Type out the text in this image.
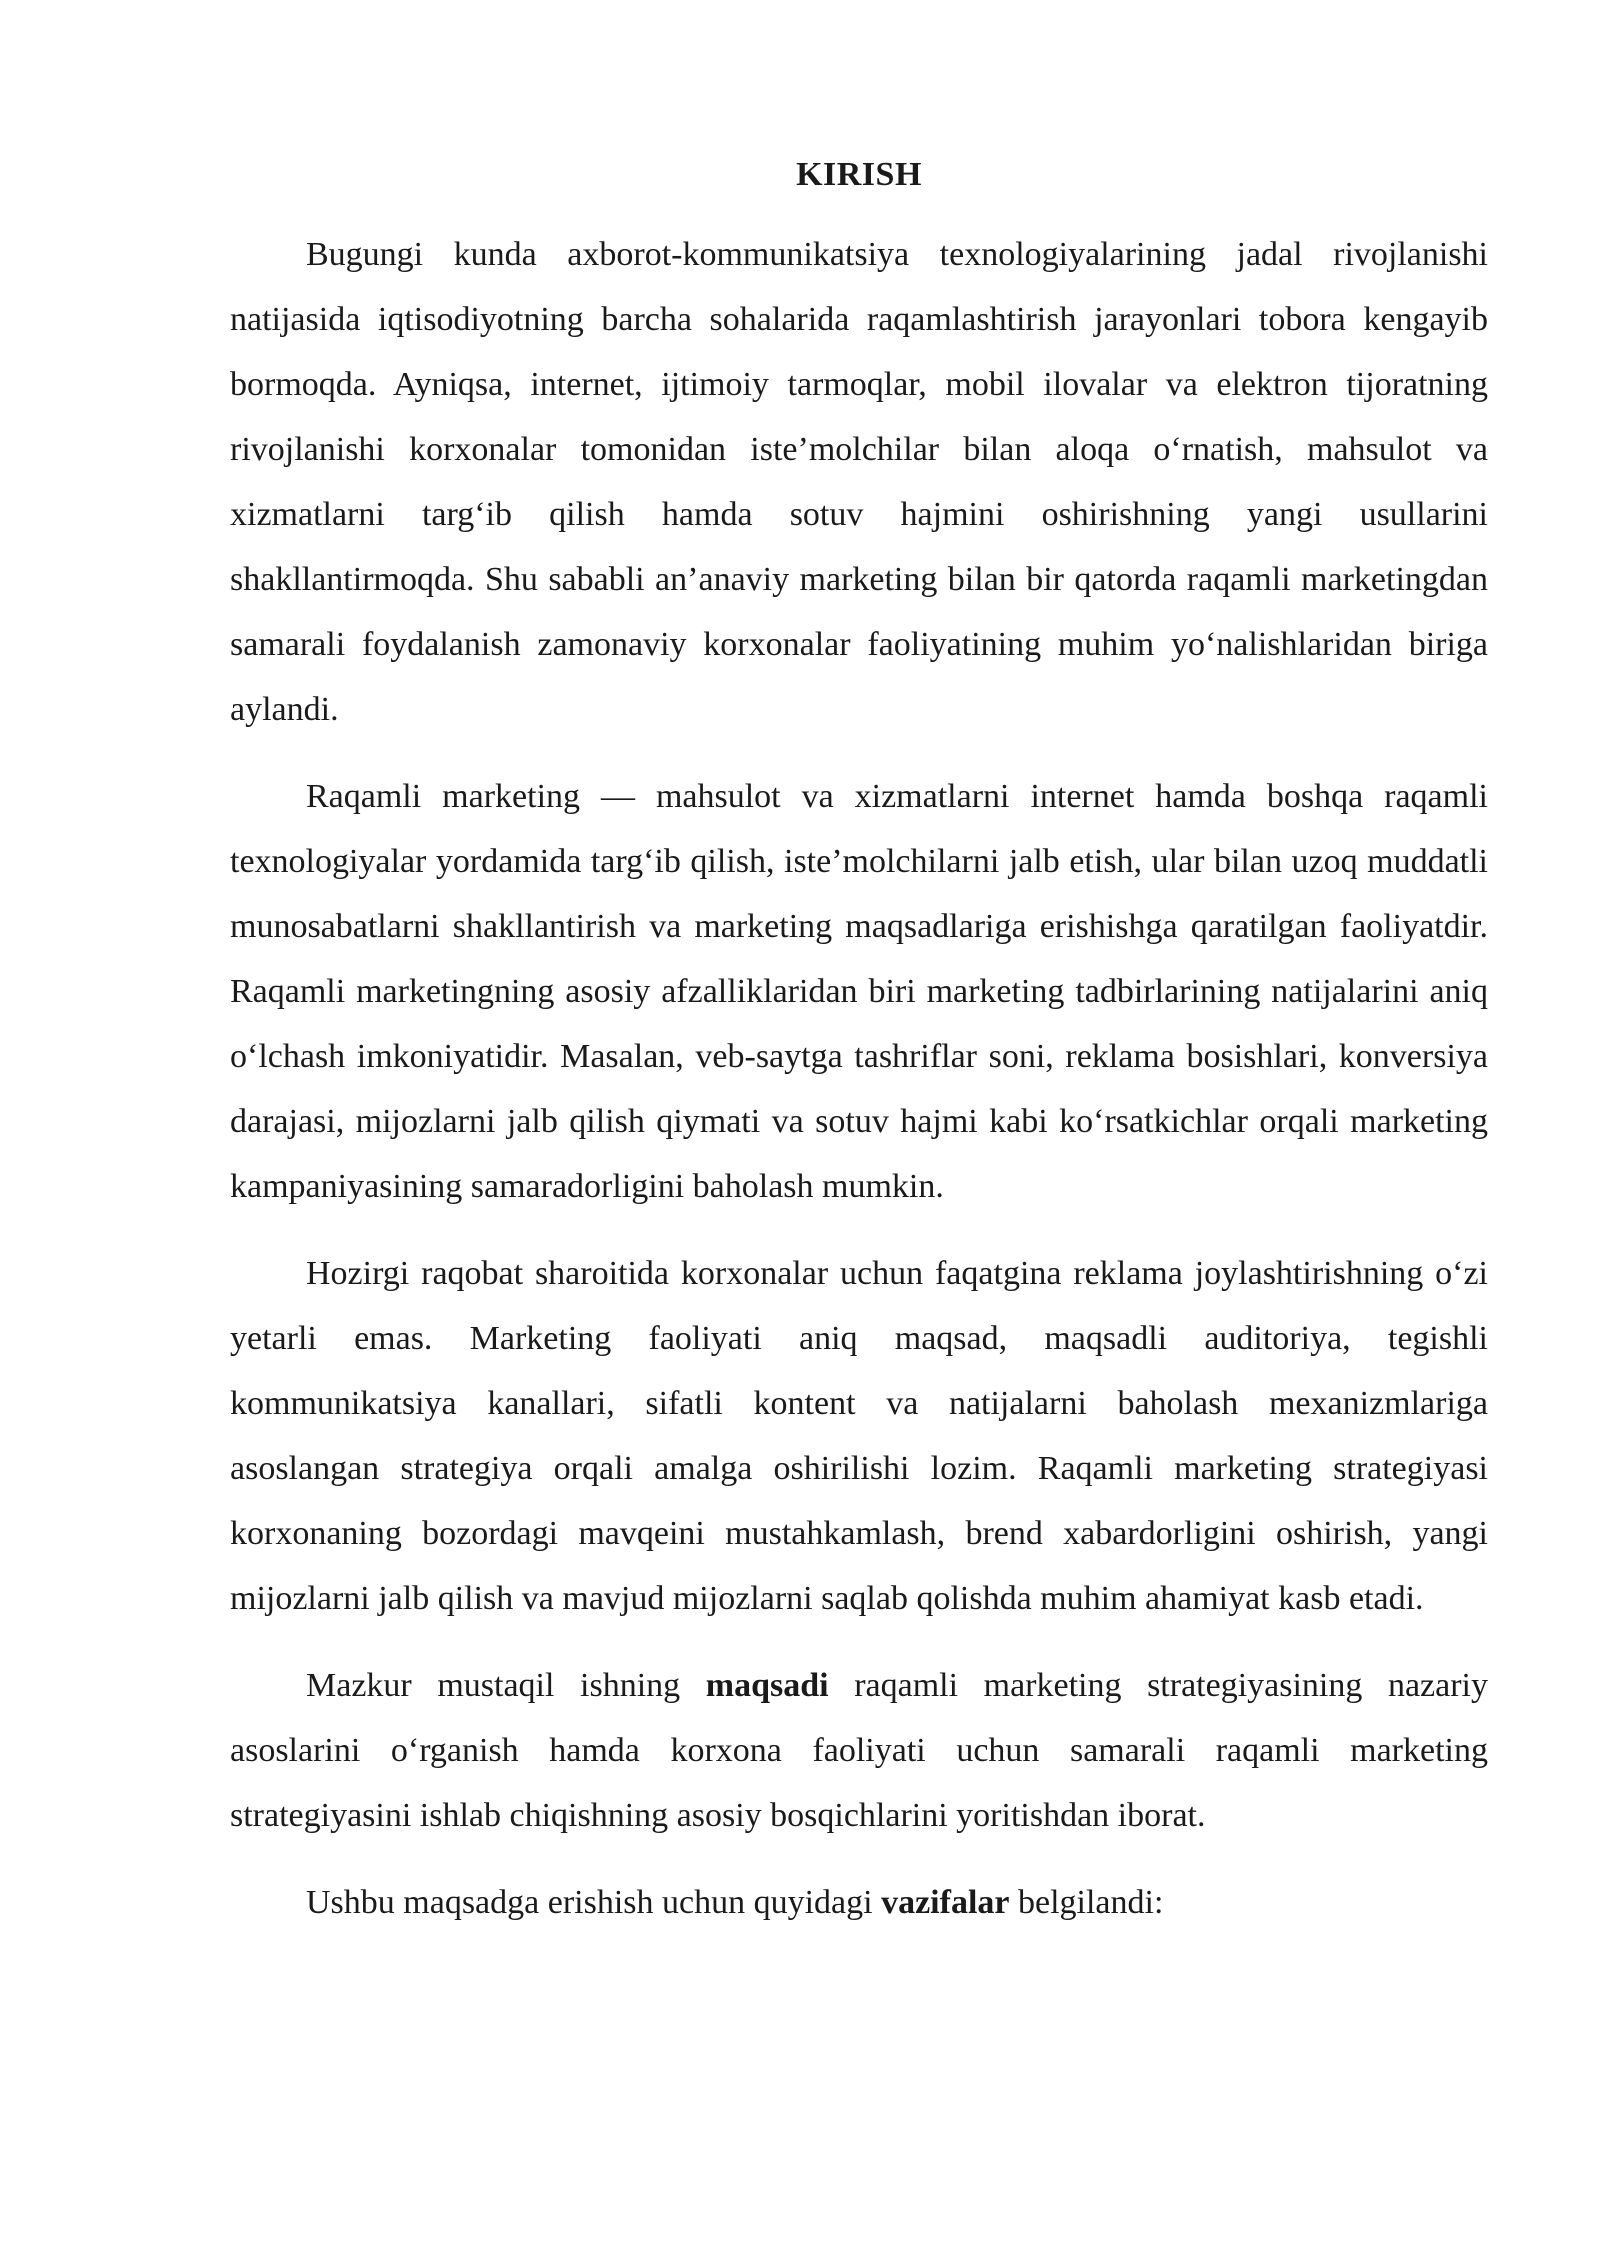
KIRISH

Bugungi kunda axborot-kommunikatsiya texnologiyalarining jadal rivojlanishi natijasida iqtisodiyotning barcha sohalarida raqamlashtirish jarayonlari tobora kengayib bormoqda. Ayniqsa, internet, ijtimoiy tarmoqlar, mobil ilovalar va elektron tijoratning rivojlanishi korxonalar tomonidan iste’molchilar bilan aloqa o‘rnatish, mahsulot va xizmatlarni targ‘ib qilish hamda sotuv hajmini oshirishning yangi usullarini shakllantirmoqda. Shu sababli an’anaviy marketing bilan bir qatorda raqamli marketingdan samarali foydalanish zamonaviy korxonalar faoliyatining muhim yo‘nalishlaridan biriga aylandi.

Raqamli marketing — mahsulot va xizmatlarni internet hamda boshqa raqamli texnologiyalar yordamida targ‘ib qilish, iste’molchilarni jalb etish, ular bilan uzoq muddatli munosabatlarni shakllantirish va marketing maqsadlariga erishishga qaratilgan faoliyatdir. Raqamli marketingning asosiy afzalliklaridan biri marketing tadbirlarining natijalarini aniq o‘lchash imkoniyatidir. Masalan, veb-saytga tashriflar soni, reklama bosishlari, konversiya darajasi, mijozlarni jalb qilish qiymati va sotuv hajmi kabi ko‘rsatkichlar orqali marketing kampaniyasining samaradorligini baholash mumkin.

Hozirgi raqobat sharoitida korxonalar uchun faqatgina reklama joylashtirishning o‘zi yetarli emas. Marketing faoliyati aniq maqsad, maqsadli auditoriya, tegishli kommunikatsiya kanallari, sifatli kontent va natijalarni baholash mexanizmlariga asoslangan strategiya orqali amalga oshirilishi lozim. Raqamli marketing strategiyasi korxonaning bozordagi mavqeini mustahkamlash, brend xabardorligini oshirish, yangi mijozlarni jalb qilish va mavjud mijozlarni saqlab qolishda muhim ahamiyat kasb etadi.

Mazkur mustaqil ishning maqsadi raqamli marketing strategiyasining nazariy asoslarini o‘rganish hamda korxona faoliyati uchun samarali raqamli marketing strategiyasini ishlab chiqishning asosiy bosqichlarini yoritishdan iborat.

Ushbu maqsadga erishish uchun quyidagi vazifalar belgilandi:
